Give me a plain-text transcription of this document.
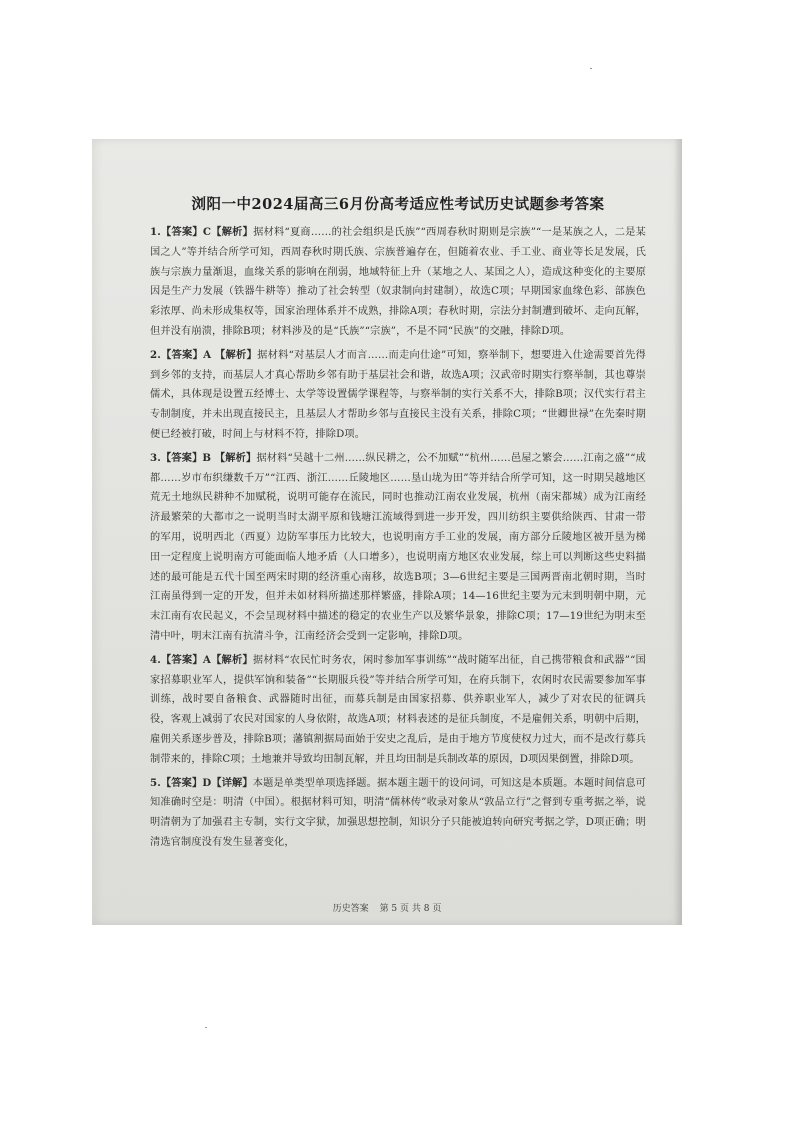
浏阳一中2024届高三6月份高考适应性考试历史试题参考答案

1.【答案】C【解析】据材料“夏商……的社会组织是氏族”“西周春秋时期则是宗族”“一是某族之人，二是某国之人”等并结合所学可知，西周春秋时期氏族、宗族普遍存在，但随着农业、手工业、商业等长足发展，氏族与宗族力量渐退，血缘关系的影响在削弱，地域特征上升（某地之人、某国之人），造成这种变化的主要原因是生产力发展（铁器牛耕等）推动了社会转型（奴隶制向封建制），故选C项；早期国家血缘色彩、部族色彩浓厚、尚未形成集权等，国家治理体系并不成熟，排除A项；春秋时期，宗法分封制遭到破坏、走向瓦解，但并没有崩溃，排除B项；材料涉及的是“氏族”“宗族”，不是不同“民族”的交融，排除D项。

2.【答案】A 【解析】据材料“对基层人才而言……而走向仕途”可知，察举制下，想要进入仕途需要首先得到乡邻的支持，而基层人才真心帮助乡邻有助于基层社会和谐，故选A项；汉武帝时期实行察举制，其也尊崇儒术，具体现是设置五经博士、太学等设置儒学课程等，与察举制的实行关系不大，排除B项；汉代实行君主专制制度，并未出现直接民主，且基层人才帮助乡邻与直接民主没有关系，排除C项；“世卿世禄”在先秦时期便已经被打破，时间上与材料不符，排除D项。

3.【答案】B 【解析】据材料“吴越十二州……纵民耕之，公不加赋”“杭州……邑屋之繁会……江南之盛”“成都……岁市布织缣数千万”“江西、浙江……丘陵地区……垦山垅为田”等并结合所学可知，这一时期吴越地区荒无土地纵民耕种不加赋税，说明可能存在流民，同时也推动江南农业发展，杭州（南宋都城）成为江南经济最繁荣的大都市之一说明当时太湖平原和钱塘江流域得到进一步开发，四川纺织主要供给陕西、甘肃一带的军用，说明西北（西夏）边防军事压力比较大，也说明南方手工业的发展，南方部分丘陵地区被开垦为梯田一定程度上说明南方可能面临人地矛盾（人口增多），也说明南方地区农业发展，综上可以判断这些史料描述的最可能是五代十国至两宋时期的经济重心南移，故选B项；3—6世纪主要是三国两晋南北朝时期，当时江南虽得到一定的开发，但并未如材料所描述那样繁盛，排除A项；14—16世纪主要为元末到明朝中期，元末江南有农民起义，不会呈现材料中描述的稳定的农业生产以及繁华景象，排除C项；17—19世纪为明末至清中叶，明末江南有抗清斗争，江南经济会受到一定影响，排除D项。

4.【答案】A【解析】据材料“农民忙时务农，闲时参加军事训练”“战时随军出征，自己携带粮食和武器”“国家招募职业军人，提供军饷和装备”“长期服兵役”等并结合所学可知，在府兵制下，农闲时农民需要参加军事训练，战时要自备粮食、武器随时出征，而募兵制是由国家招募、供养职业军人，减少了对农民的征调兵役，客观上减弱了农民对国家的人身依附，故选A项；材料表述的是征兵制度，不是雇佣关系，明朝中后期，雇佣关系逐步普及，排除B项；藩镇割据局面始于安史之乱后，是由于地方节度使权力过大，而不是改行募兵制带来的，排除C项；土地兼并导致均田制瓦解，并且均田制是兵制改革的原因，D项因果倒置，排除D项。

5.【答案】D【详解】本题是单类型单项选择题。据本题主题干的设问词，可知这是本质题。本题时间信息可知准确时空是：明清（中国）。根据材料可知，明清“儒林传”收录对象从“敦品立行”之督到专重考据之举，说明清朝为了加强君主专制，实行文字狱，加强思想控制，知识分子只能被迫转向研究考据之学，D项正确；明清选官制度没有发生显著变化，

历史答案 第 5 页 共 8 页
